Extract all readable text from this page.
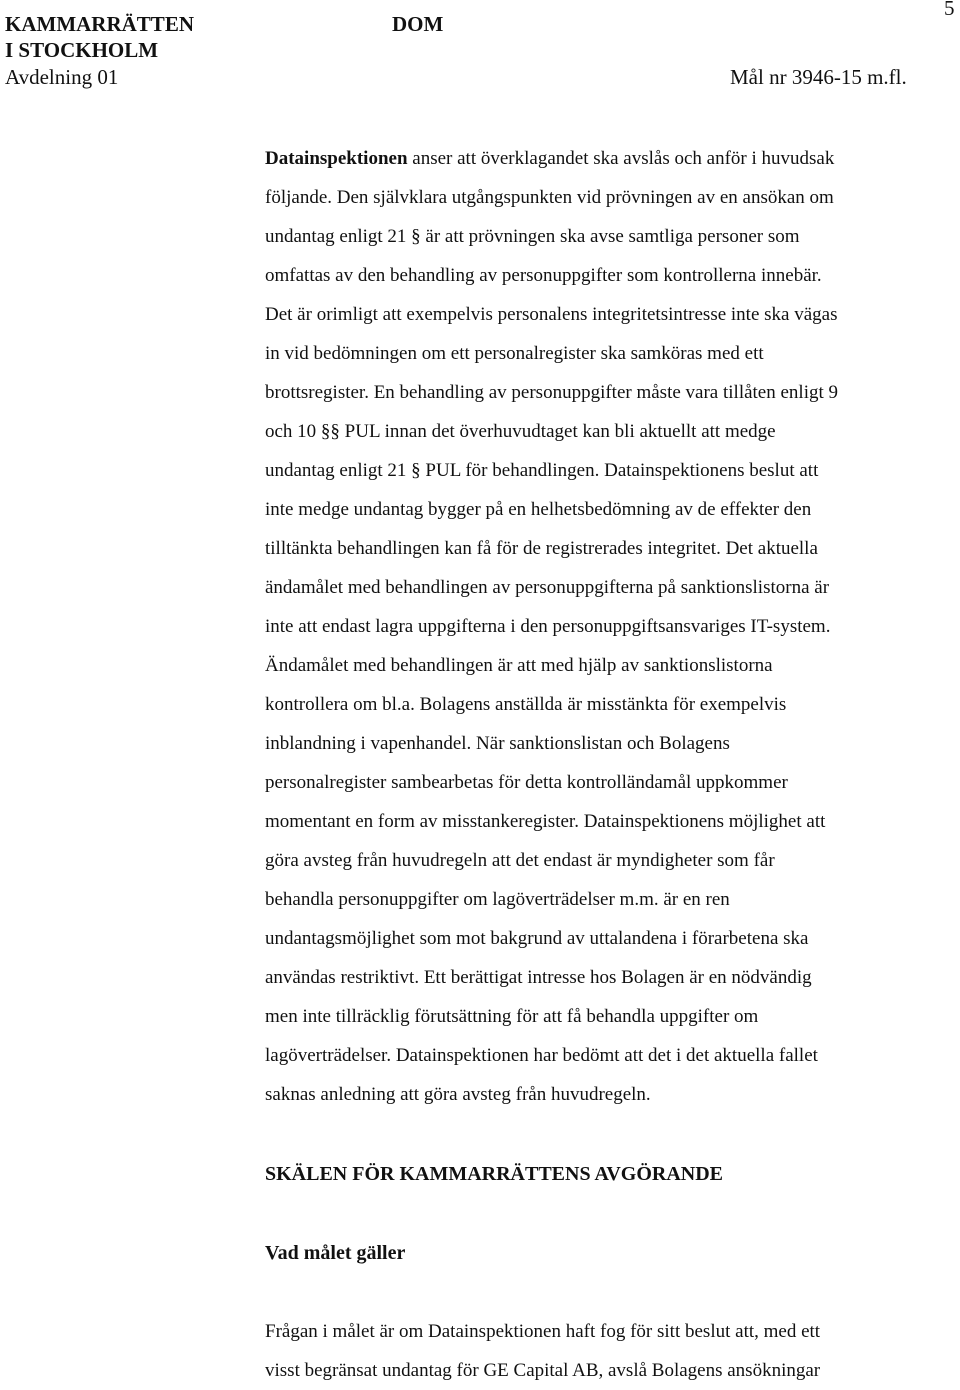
KAMMARRÄTTEN
I STOCKHOLM
DOM
5
Avdelning 01	Mål nr 3946-15 m.fl.
Datainspektionen anser att överklagandet ska avslås och anför i huvudsak
följande. Den självklara utgångspunkten vid prövningen av en ansökan om
undantag enligt 21 § är att prövningen ska avse samtliga personer som
omfattas av den behandling av personuppgifter som kontrollerna innebär.
Det är orimligt att exempelvis personalens integritetsintresse inte ska vägas
in vid bedömningen om ett personalregister ska samköras med ett
brottsregister. En behandling av personuppgifter måste vara tillåten enligt 9
och 10 §§ PUL innan det överhuvudtaget kan bli aktuellt att medge
undantag enligt 21 § PUL för behandlingen. Datainspektionens beslut att
inte medge undantag bygger på en helhetsbedömning av de effekter den
tilltänkta behandlingen kan få för de registrerades integritet. Det aktuella
ändamålet med behandlingen av personuppgifterna på sanktionslistorna är
inte att endast lagra uppgifterna i den personuppgiftsansvariges IT-system.
Ändamålet med behandlingen är att med hjälp av sanktionslistorna
kontrollera om bl.a. Bolagens anställda är misstänkta för exempelvis
inblandning i vapenhandel. När sanktionslistan och Bolagens
personalregister sambearbetas för detta kontrolländamål uppkommer
momentant en form av misstankeregister. Datainspektionens möjlighet att
göra avsteg från huvudregeln att det endast är myndigheter som får
behandla personuppgifter om lagöverträdelser m.m. är en ren
undantagsmöjlighet som mot bakgrund av uttalandena i förarbetena ska
användas restriktivt. Ett berättigat intresse hos Bolagen är en nödvändig
men inte tillräcklig förutsättning för att få behandla uppgifter om
lagöverträdelser. Datainspektionen har bedömt att det i det aktuella fallet
saknas anledning att göra avsteg från huvudregeln.
SKÄLEN FÖR KAMMARRÄTTENS AVGÖRANDE
Vad målet gäller
Frågan i målet är om Datainspektionen haft fog för sitt beslut att, med ett
visst begränsat undantag för GE Capital AB, avslå Bolagens ansökningar
